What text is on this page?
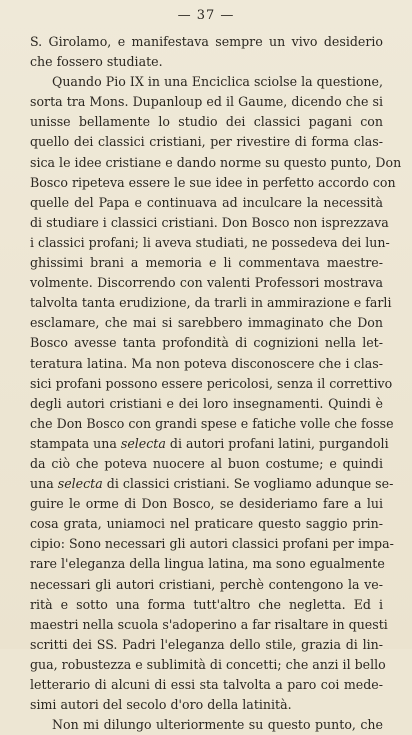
— 37 —
S. Girolamo, e manifestava sempre un vivo desiderio
che fossero studiate.
Quando Pio IX in una Enciclica sciolse la questione,
sorta tra Mons. Dupanloup ed il Gaume, dicendo che si
unisse bellamente lo studio dei classici pagani con
quello dei classici cristiani, per rivestire di forma clas-
sica le idee cristiane e dando norme su questo punto, Don
Bosco ripeteva essere le sue idee in perfetto accordo con
quelle del Papa e continuava ad inculcare la necessità
di studiare i classici cristiani. Don Bosco non isprezzava
i classici profani; li aveva studiati, ne possedeva dei lun-
ghissimi brani a memoria e li commentava maestre-
volmente. Discorrendo con valenti Professori mostrava
talvolta tanta erudizione, da trarli in ammirazione e farli
esclamare, che mai si sarebbero immaginato che Don
Bosco avesse tanta profondità di cognizioni nella let-
teratura latina. Ma non poteva disconoscere che i clas-
sici profani possono essere pericolosi, senza il correttivo
degli autori cristiani e dei loro insegnamenti. Quindi è
che Don Bosco con grandi spese e fatiche volle che fosse
stampata una selecta di autori profani latini, purgandoli
da ciò che poteva nuocere al buon costume; e quindi
una selecta di classici cristiani. Se vogliamo adunque se-
guire le orme di Don Bosco, se desideriamo fare a lui
cosa grata, uniamoci nel praticare questo saggio prin-
cipio: Sono necessari gli autori classici profani per impa-
rare l'eleganza della lingua latina, ma sono egualmente
necessari gli autori cristiani, perchè contengono la ve-
rità e sotto una forma tutt'altro che negletta. Ed i
maestri nella scuola s'adoperino a far risaltare in questi
scritti dei SS. Padri l'eleganza dello stile, grazia di lin-
gua, robustezza e sublimità di concetti; che anzi il bello
letterario di alcuni di essi sta talvolta a paro coi mede-
simi autori del secolo d'oro della latinità.
Non mi dilungo ulteriormente su questo punto, che
